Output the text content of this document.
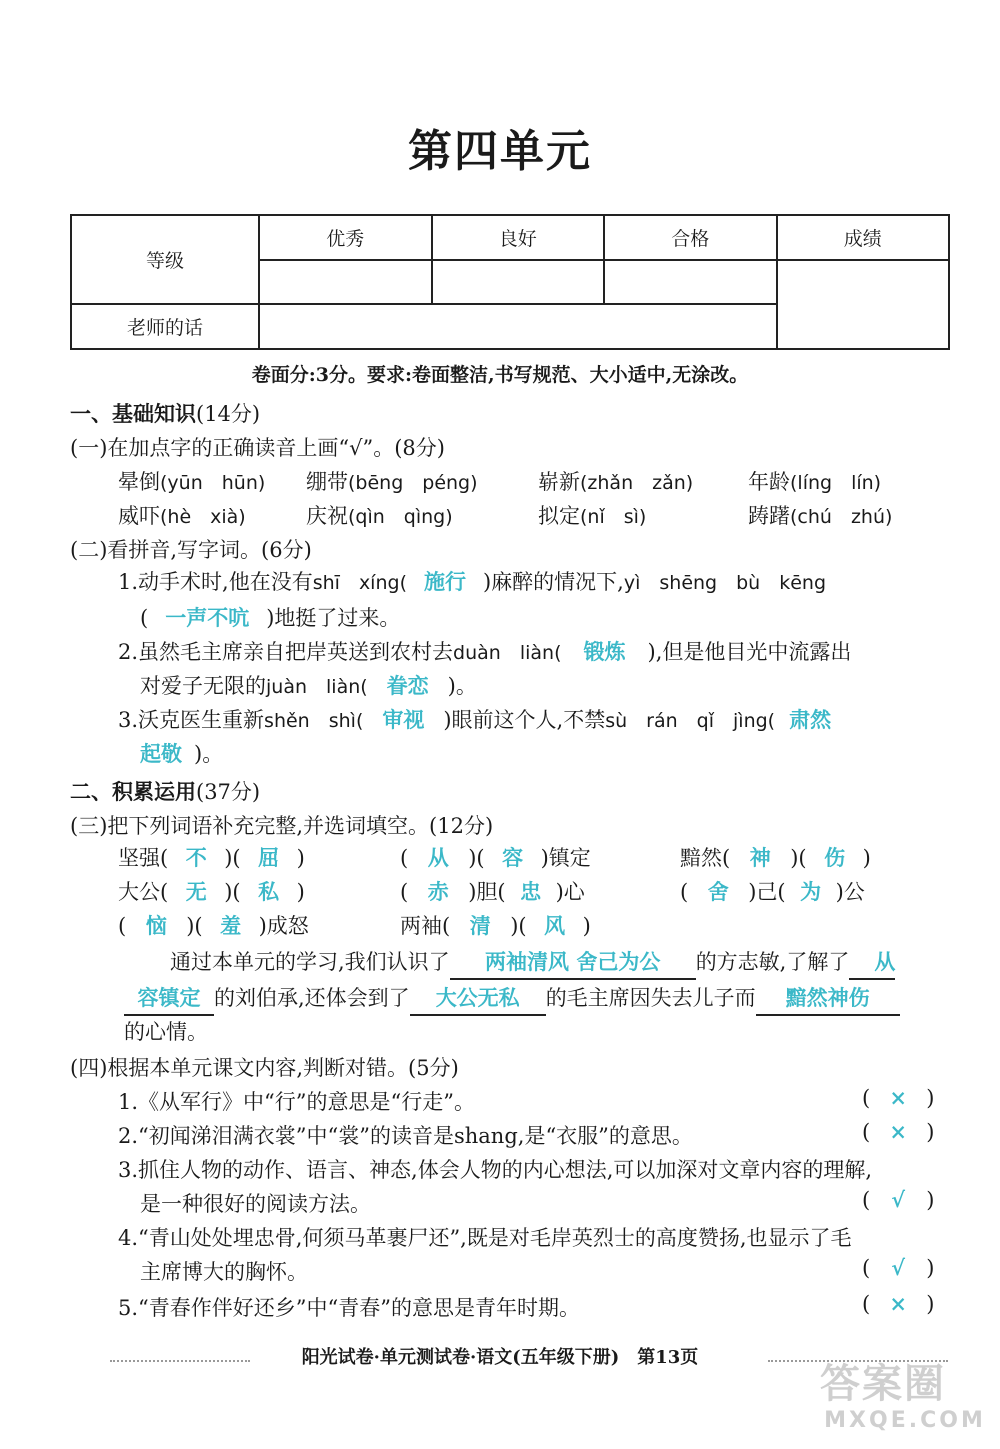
第四单元
等级	优秀	良好	合格	成绩

老师的话				
卷面分:3分。要求:卷面整洁,书写规范、大小适中,无涂改。
一、基础知识(14分)
(一)在加点字的正确读音上画“√”。(8分)
晕倒(yūn　hūn) 绷带(bēng　péng)	崭新(zhǎn　zǎn)	年龄(líng　lín)
威吓(hè　xià)	庆祝(qìn　qìng)	拟定(nǐ　sì)	踌躇(chú　zhú)
(二)看拼音,写字词。(6分)
1.动手术时,他在没有shī　xíng( 施行 )麻醉的情况下,yì　shēng　bù　kēng
( 一声不吭 )地挺了过来。
2.虽然毛主席亲自把岸英送到农村去duàn　liàn( 锻炼 ),但是他目光中流露出
对爱子无限的juàn　liàn( 眷恋 )。
3.沃克医生重新shěn　shì( 审视 )眼前这个人,不禁sù　rán　qǐ　jìng( 肃然
起敬 )。
二、积累运用(37分)
(三)把下列词语补充完整,并选词填空。(12分)
坚强( 不 )( 屈 )	( 从 )( 容 )镇定	黯然( 神 )( 伤 )
大公( 无 )( 私 )	( 赤 )胆( 忠 )心	( 舍 )己( 为 )公
( 恼 )( 羞 )成怒	两袖( 清 )( 风 )
通过本单元的学习,我们认识了 两袖清风 舍己为公 的方志敏,了解了 从
容镇定 的刘伯承,还体会到了 大公无私 的毛主席因失去儿子而 黯然神伤
的心情。
(四)根据本单元课文内容,判断对错。(5分)
1.《从军行》中“行”的意思是“行走”。	( × )
2.“初闻涕泪满衣裳”中“裳”的读音是shang,是“衣服”的意思。	( × )
3.抓住人物的动作、语言、神态,体会人物的内心想法,可以加深对文章内容的理解,
是一种很好的阅读方法。	( √ )
4.“青山处处埋忠骨,何须马革裹尸还”,既是对毛岸英烈士的高度赞扬,也显示了毛
主席博大的胸怀。	( √ )
5.“青春作伴好还乡”中“青春”的意思是青年时期。	( × )
阳光试卷·单元测试卷·语文(五年级下册)　第13页
答案圈
MXQE.COM
